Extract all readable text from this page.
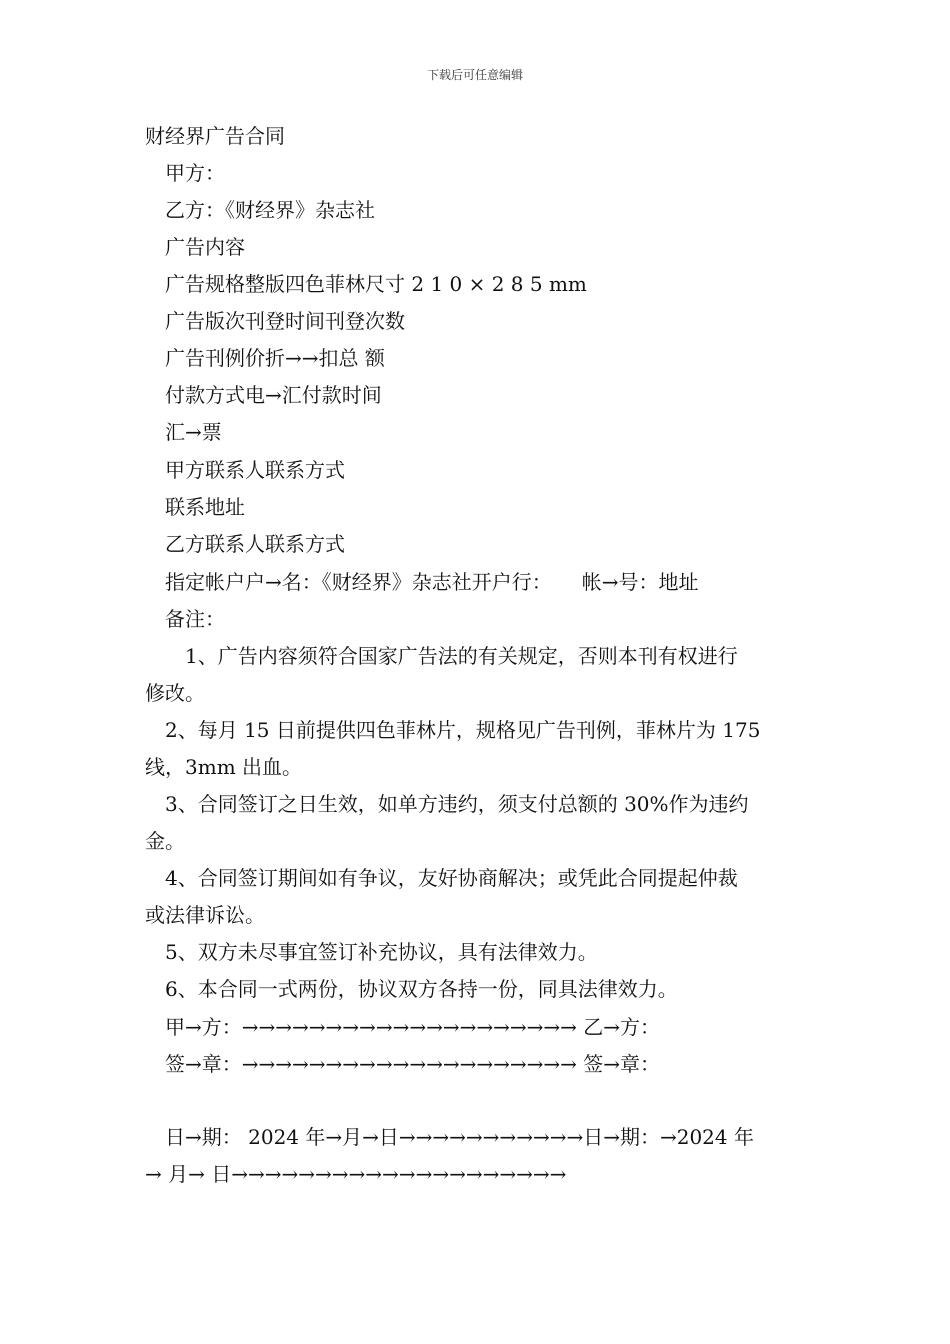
下载后可任意编辑
财经界广告合同
甲方：
乙方：《财经界》杂志社
广告内容
广告规格整版四色菲林尺寸 2 1 0 × 2 8 5 mm
广告版次刊登时间刊登次数
广告刊例价折→→扣总 额
付款方式电→汇付款时间
汇→票
甲方联系人联系方式
联系地址
乙方联系人联系方式
指定帐户户→名：《财经界》杂志社开户行：　　帐→号：地址
备注：
　1、广告内容须符合国家广告法的有关规定，否则本刊有权进行
修改。
2、每月 15 日前提供四色菲林片，规格见广告刊例，菲林片为 175
线，3mm 出血。
3、合同签订之日生效，如单方违约，须支付总额的 30%作为违约
金。
4、合同签订期间如有争议，友好协商解决；或凭此合同提起仲裁
或法律诉讼。
5、双方未尽事宜签订补充协议，具有法律效力。
6、本合同一式两份，协议双方各持一份，同具法律效力。
甲→方：→→→→→→→→→→→→→→→→→→→→ 乙→方：
签→章：→→→→→→→→→→→→→→→→→→→→ 签→章：
日→期： 2024 年→月→日→→→→→→→→→→→日→期：→2024 年
→ 月→ 日→→→→→→→→→→→→→→→→→→→→
